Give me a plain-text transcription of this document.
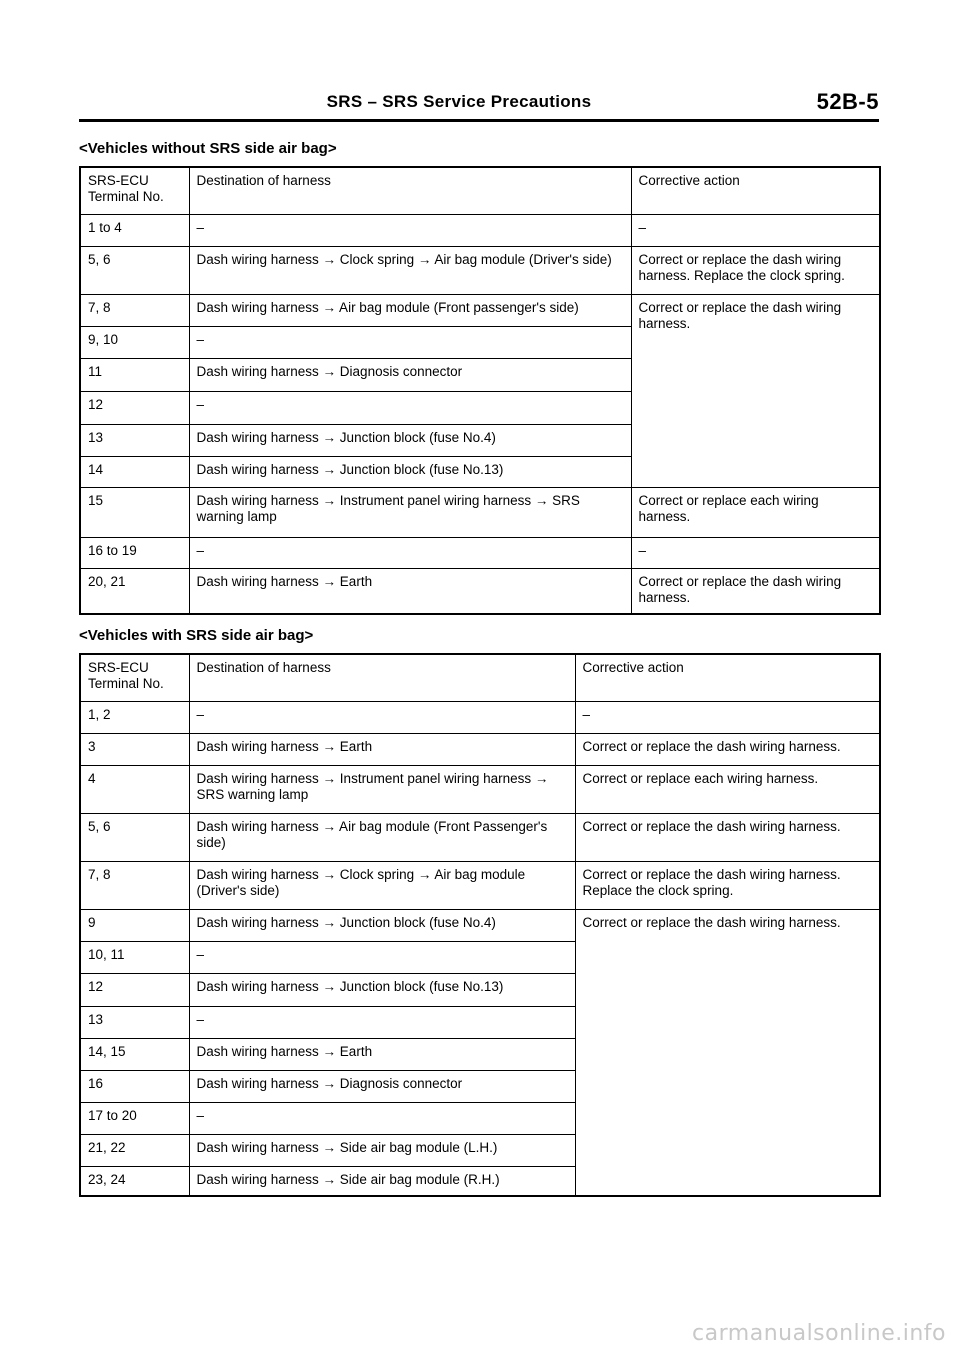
SRS – SRS Service Precautions	52B-5
<Vehicles without SRS side air bag>
SRS-ECU Terminal No.	Destination of harness	Corrective action
1 to 4	–	–
5, 6	Dash wiring harness → Clock spring → Air bag module (Driver's side)	Correct or replace the dash wiring harness. Replace the clock spring.
7, 8	Dash wiring harness → Air bag module (Front passenger's side)	Correct or replace the dash wiring harness.
9, 10	–	
11	Dash wiring harness → Diagnosis connector	
12	–	
13	Dash wiring harness → Junction block (fuse No.4)	
14	Dash wiring harness → Junction block (fuse No.13)	
15	Dash wiring harness → Instrument panel wiring harness → SRS warning lamp	Correct or replace each wiring harness.
16 to 19	–	–
20, 21	Dash wiring harness → Earth	Correct or replace the dash wiring harness.
<Vehicles with SRS side air bag>
SRS-ECU Terminal No.	Destination of harness	Corrective action
1, 2	–	–
3	Dash wiring harness → Earth	Correct or replace the dash wiring harness.
4	Dash wiring harness → Instrument panel wiring harness → SRS warning lamp	Correct or replace each wiring harness.
5, 6	Dash wiring harness → Air bag module (Front Passenger's side)	Correct or replace the dash wiring harness.
7, 8	Dash wiring harness → Clock spring → Air bag module (Driver's side)	Correct or replace the dash wiring harness. Replace the clock spring.
9	Dash wiring harness → Junction block (fuse No.4)	Correct or replace the dash wiring harness.
10, 11	–	
12	Dash wiring harness → Junction block (fuse No.13)	
13	–	
14, 15	Dash wiring harness → Earth	
16	Dash wiring harness → Diagnosis connector	
17 to 20	–	
21, 22	Dash wiring harness → Side air bag module (L.H.)	
23, 24	Dash wiring harness → Side air bag module (R.H.)	
carmanualsonline.info
